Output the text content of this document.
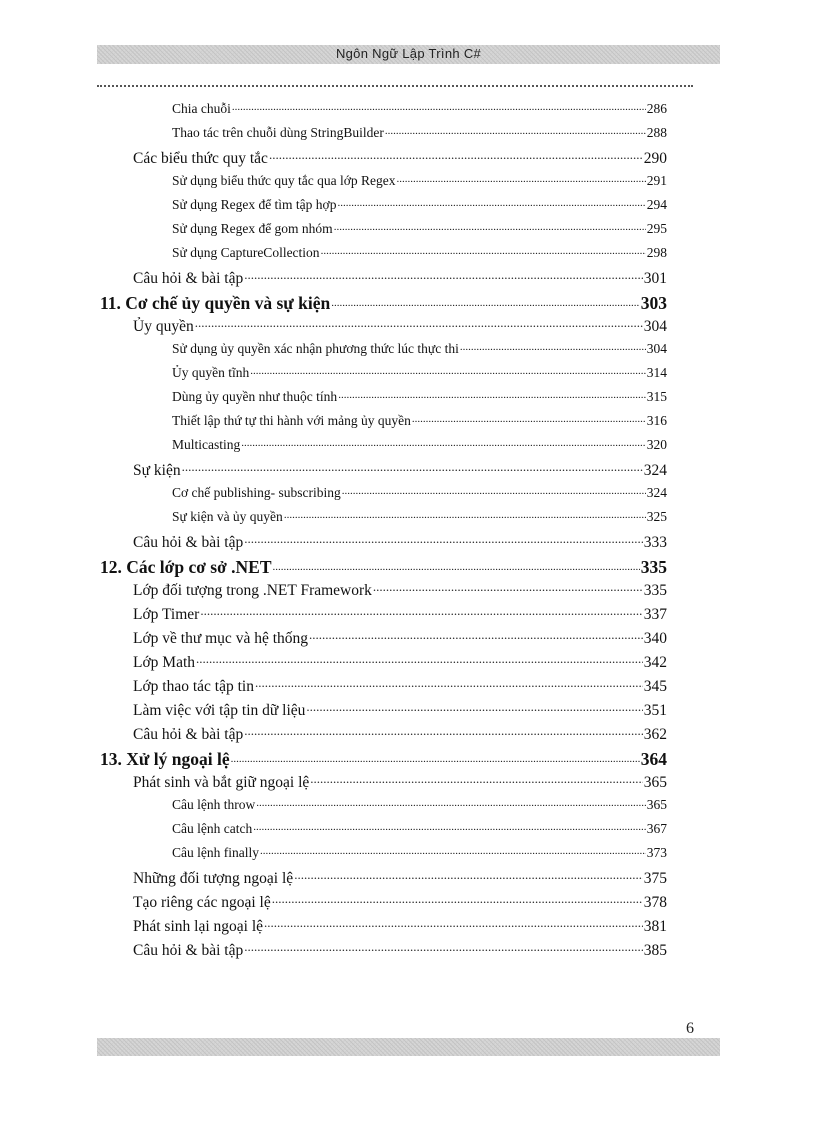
Ngôn Ngữ Lập Trình C#
Chia chuỗi .....	286
Thao tác trên chuỗi dùng StringBuilder .....	288
Các biểu thức quy tắc .....	290
Sử dụng biểu thức quy tắc qua lớp Regex .....	291
Sử dụng Regex để tìm tập hợp .....	294
Sử dụng Regex để gom nhóm .....	295
Sử dụng CaptureCollection .....	298
Câu hỏi & bài tập .....	301
11. Cơ chế ủy quyền và sự kiện .....	303
Ủy quyền .....	304
Sử dụng ủy quyền xác nhận phương thức lúc thực thi .....	304
Ủy quyền tĩnh .....	314
Dùng ủy quyền như thuộc tính .....	315
Thiết lập thứ tự thi hành với mảng ủy quyền .....	316
Multicasting .....	320
Sự kiện .....	324
Cơ chế publishing- subscribing .....	324
Sự kiện và ủy quyền .....	325
Câu hỏi & bài tập .....	333
12. Các lớp cơ sở .NET .....	335
Lớp đối tượng trong .NET Framework .....	335
Lớp Timer .....	337
Lớp về thư mục và hệ thống .....	340
Lớp Math .....	342
Lớp thao tác tập tin .....	345
Làm việc với tập tin dữ liệu .....	351
Câu hỏi & bài tập .....	362
13. Xử lý ngoại lệ .....	364
Phát sinh và bắt giữ ngoại lệ .....	365
Câu lệnh throw .....	365
Câu lệnh catch .....	367
Câu lệnh finally .....	373
Những đối tượng ngoại lệ .....	375
Tạo riêng các ngoại lệ .....	378
Phát sinh lại ngoại lệ .....	381
Câu hỏi & bài tập .....	385
6
